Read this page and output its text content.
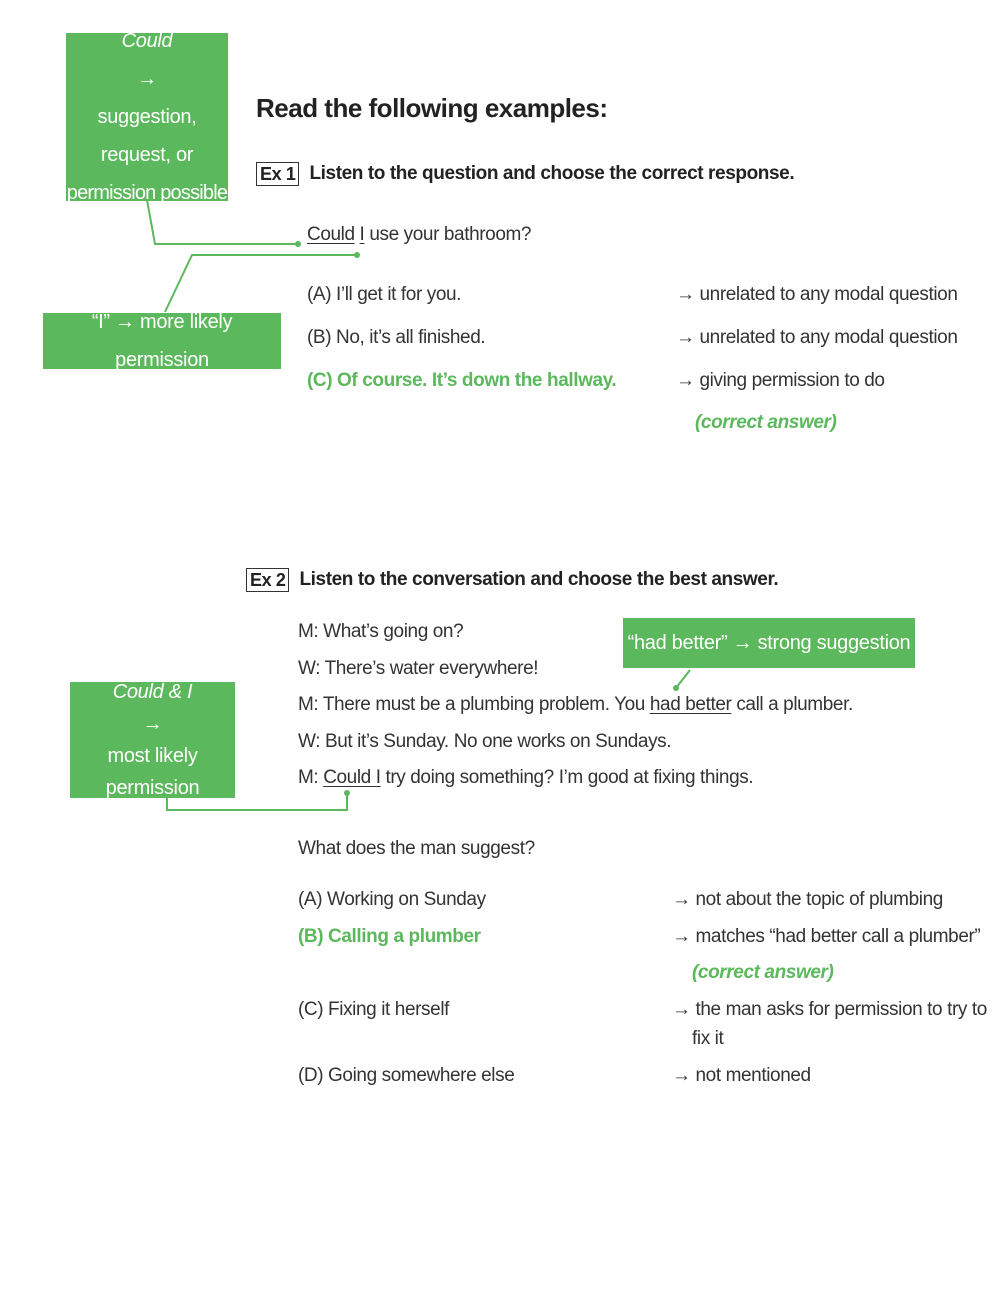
Could
→
suggestion,
request, or
permission possible
“I” → more likely permission
Read the following examples:
Ex 1 Listen to the question and choose the correct response.
Could I use your bathroom?
(A) I’ll get it for you.	→ unrelated to any modal question
(B) No, it’s all finished.	→ unrelated to any modal question
(C) Of course. It’s down the hallway.	→ giving permission to do
(correct answer)
Ex 2 Listen to the conversation and choose the best answer.
“had better” → strong suggestion
Could & I
→
most likely
permission
M: What’s going on?
W: There’s water everywhere!
M: There must be a plumbing problem. You had better call a plumber.
W: But it’s Sunday. No one works on Sundays.
M: Could I try doing something? I’m good at fixing things.
What does the man suggest?
(A) Working on Sunday	→ not about the topic of plumbing
(B) Calling a plumber	→ matches “had better call a plumber”
(correct answer)
(C) Fixing it herself	→ the man asks for permission to try to
fix it
(D) Going somewhere else	→ not mentioned
